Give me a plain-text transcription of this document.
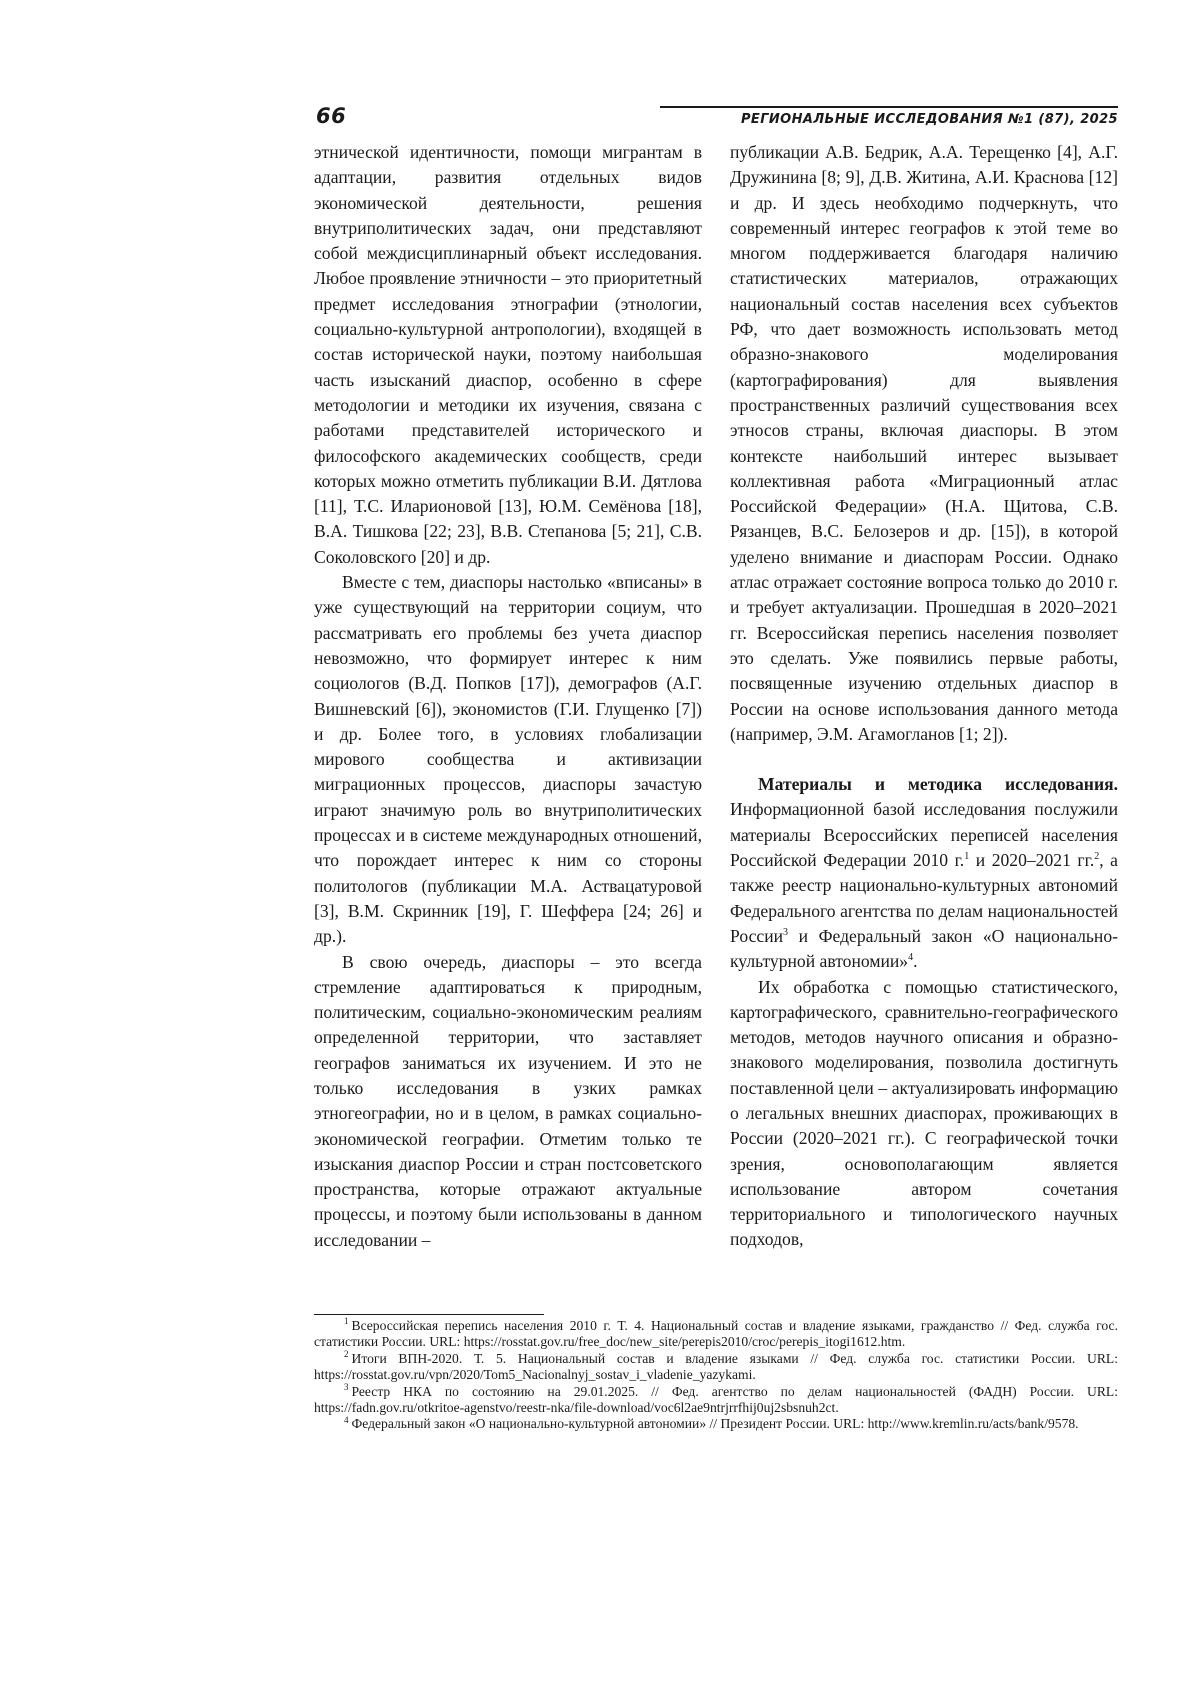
66	РЕГИОНАЛЬНЫЕ ИССЛЕДОВАНИЯ №1 (87), 2025

этнической идентичности, помощи мигрантам в адаптации, развития отдельных видов экономической деятельности, решения внутриполитических задач, они представляют собой междисциплинарный объект исследования. Любое проявление этничности – это приоритетный предмет исследования этнографии (этнологии, социально-культурной антропологии), входящей в состав исторической науки, поэтому наибольшая часть изысканий диаспор, особенно в сфере методологии и методики их изучения, связана с работами представителей исторического и философского академических сообществ, среди которых можно отметить публикации В.И. Дятлова [11], Т.С. Иларионовой [13], Ю.М. Семёнова [18], В.А. Тишкова [22; 23], В.В. Степанова [5; 21], С.В. Соколовского [20] и др.

Вместе с тем, диаспоры настолько «вписаны» в уже существующий на территории социум, что рассматривать его проблемы без учета диаспор невозможно, что формирует интерес к ним социологов (В.Д. Попков [17]), демографов (А.Г. Вишневский [6]), экономистов (Г.И. Глущенко [7]) и др. Более того, в условиях глобализации мирового сообщества и активизации миграционных процессов, диаспоры зачастую играют значимую роль во внутриполитических процессах и в системе международных отношений, что порождает интерес к ним со стороны политологов (публикации М.А. Аствацатуровой [3], В.М. Скринник [19], Г. Шеффера [24; 26] и др.).

В свою очередь, диаспоры – это всегда стремление адаптироваться к природным, политическим, социально-экономическим реалиям определенной территории, что заставляет географов заниматься их изучением. И это не только исследования в узких рамках этногеографии, но и в целом, в рамках социально-экономической географии. Отметим только те изыскания диаспор России и стран постсоветского пространства, которые отражают актуальные процессы, и поэтому были использованы в данном исследовании –

публикации А.В. Бедрик, А.А. Терещенко [4], А.Г. Дружинина [8; 9], Д.В. Житина, А.И. Краснова [12] и др. И здесь необходимо подчеркнуть, что современный интерес географов к этой теме во многом поддерживается благодаря наличию статистических материалов, отражающих национальный состав населения всех субъектов РФ, что дает возможность использовать метод образно-знакового моделирования (картографирования) для выявления пространственных различий существования всех этносов страны, включая диаспоры. В этом контексте наибольший интерес вызывает коллективная работа «Миграционный атлас Российской Федерации» (Н.А. Щитова, С.В. Рязанцев, В.С. Белозеров и др. [15]), в которой уделено внимание и диаспорам России. Однако атлас отражает состояние вопроса только до 2010 г. и требует актуализации. Прошедшая в 2020–2021 гг. Всероссийская перепись населения позволяет это сделать. Уже появились первые работы, посвященные изучению отдельных диаспор в России на основе использования данного метода (например, Э.М. Агамогланов [1; 2]).

Материалы и методика исследования. Информационной базой исследования послужили материалы Всероссийских переписей населения Российской Федерации 2010 г.$^1$ и 2020–2021 гг.$^2$, а также реестр национально-культурных автономий Федерального агентства по делам национальностей России$^3$ и Федеральный закон «О национально-культурной автономии»$^4$.

Их обработка с помощью статистического, картографического, сравнительно-географического методов, методов научного описания и образно-знакового моделирования, позволила достигнуть поставленной цели – актуализировать информацию о легальных внешних диаспорах, проживающих в России (2020–2021 гг.). С географической точки зрения, основополагающим является использование автором сочетания территориального и типологического научных подходов,

$^1$ Всероссийская перепись населения 2010 г. Т. 4. Национальный состав и владение языками, гражданство // Фед. служба гос. статистики России. URL: https://rosstat.gov.ru/free_doc/new_site/perepis2010/croc/perepis_itogi1612.htm.

$^2$ Итоги ВПН-2020. Т. 5. Национальный состав и владение языками // Фед. служба гос. статистики России. URL: https://rosstat.gov.ru/vpn/2020/Tom5_Nacionalnyj_sostav_i_vladenie_yazykami.

$^3$ Реестр НКА по состоянию на 29.01.2025. // Фед. агентство по делам национальностей (ФАДН) России. URL: https://fadn.gov.ru/otkritoe-agenstvo/reestr-nka/file-download/voc6l2ae9ntrjrrfhij0uj2sbsnuh2ct.

$^4$ Федеральный закон «О национально-культурной автономии» // Президент России. URL: http://www.kremlin.ru/acts/bank/9578.
